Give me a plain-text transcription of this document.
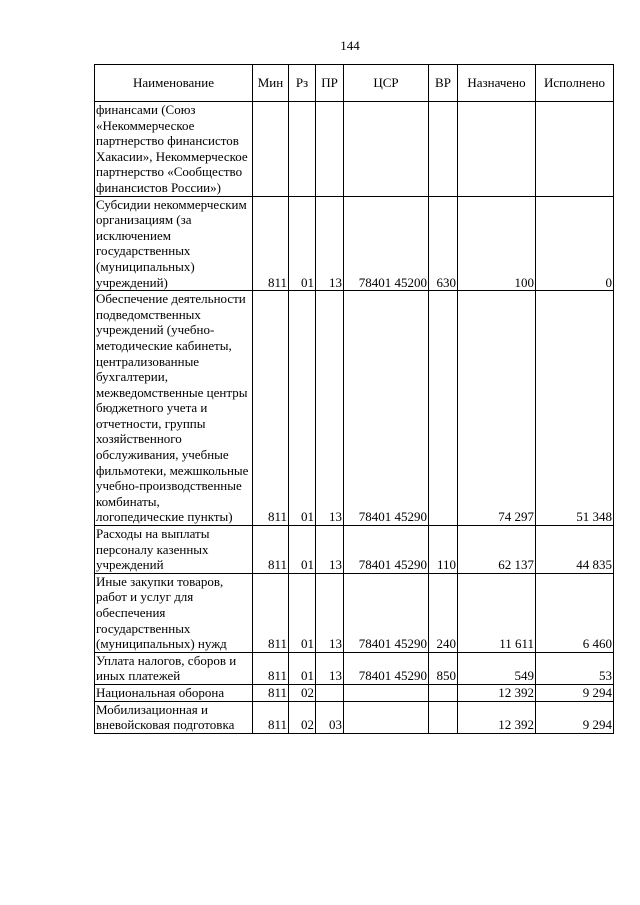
144
Наименование	Мин	Рз	ПР	ЦСР	ВР	Назначено	Исполнено
финансами (Союз «Некоммерческое партнерство финансистов Хакасии», Некоммерческое партнерство «Сообщество финансистов России»)							
Субсидии некоммерческим организациям (за исключением государственных (муниципальных) учреждений)	811	01	13	78401 45200	630	100	0
Обеспечение деятельности подведомственных учреждений (учебно-методические кабинеты, централизованные бухгалтерии, межведомственные центры бюджетного учета и отчетности, группы хозяйственного обслуживания, учебные фильмотеки, межшкольные учебно-производственные комбинаты, логопедические пункты)	811	01	13	78401 45290		74 297	51 348
Расходы на выплаты персоналу казенных учреждений	811	01	13	78401 45290	110	62 137	44 835
Иные закупки товаров, работ и услуг для обеспечения государственных (муниципальных) нужд	811	01	13	78401 45290	240	11 611	6 460
Уплата налогов, сборов и иных платежей	811	01	13	78401 45290	850	549	53
Национальная оборона	811	02				12 392	9 294
Мобилизационная и вневойсковая подготовка	811	02	03			12 392	9 294
